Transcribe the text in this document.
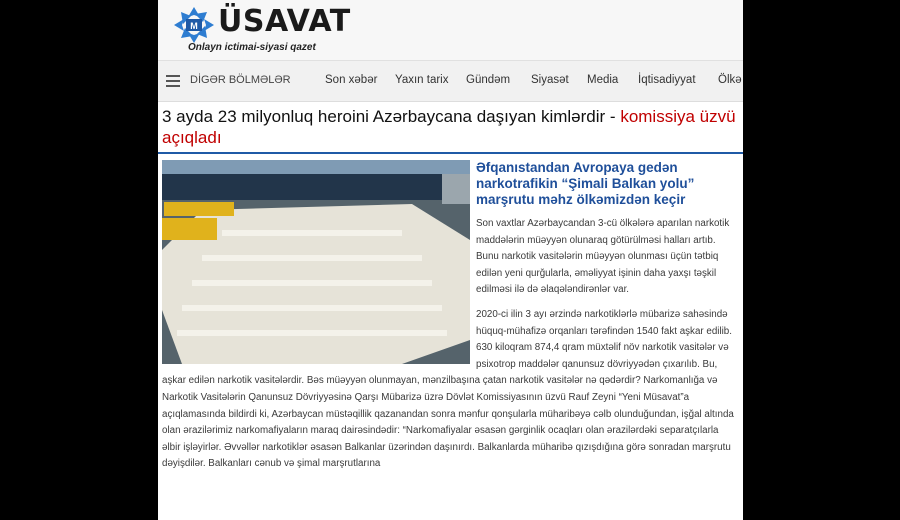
M ÜSAVAT
Onlayn ictimai-siyasi qazet
DİGƏR BÖLMƏLƏR	Son xəbər Yaxın tarix Gündəm Siyasət Media İqtisadiyyat Ölkə
3 ayda 23 milyonluq heroini Azərbaycana daşıyan kimlərdir - komissiya üzvü açıqladı
Əfqanıstandan Avropaya gedən narkotrafikin “Şimali Balkan yolu” marşrutu məhz ölkəmizdən keçir

Son vaxtlar Azərbaycandan 3-cü ölkələrə aparılan narkotik maddələrin müəyyən olunaraq götürülməsi halları artıb. Bunu narkotik vasitələrin müəyyən olunması üçün tətbiq edilən yeni qurğularla, əməliyyat işinin daha yaxşı təşkil edilməsi ilə də əlaqələndirənlər var.

2020-ci ilin 3 ayı ərzində narkotiklərlə mübarizə sahəsində hüquq-mühafizə orqanları tərəfindən 1540 fakt aşkar edilib. 630 kiloqram 874,4 qram müxtəlif növ narkotik vasitələr və psixotrop maddələr qanunsuz dövriyyədən çıxarılıb. Bu, aşkar edilən narkotik vasitələrdir. Bəs müəyyən olunmayan, mənzilbaşına çatan narkotik vasitələr nə qədərdir? Narkomanlığa və Narkotik Vasitələrin Qanunsuz Dövriyyəsinə Qarşı Mübarizə üzrə Dövlət Komissiyasının üzvü Rauf Zeyni “Yeni Müsavat”a açıqlamasında bildirdi ki, Azərbaycan müstəqillik qazanandan sonra mənfur qonşularla müharibəyə cəlb olunduğundan, işğal altında olan ərazilərimiz narkomafiyaların maraq dairəsindədir: “Narkomafiyalar əsasən gərginlik ocaqları olan ərazilərdəki separatçılarla əlbir işləyirlər. Əvvəllər narkotiklər əsasən Balkanlar üzərindən daşınırdı. Balkanlarda müharibə qızışdığına görə sonradan marşrutu dəyişdilər. Balkanları cənub və şimal marşrutlarına
